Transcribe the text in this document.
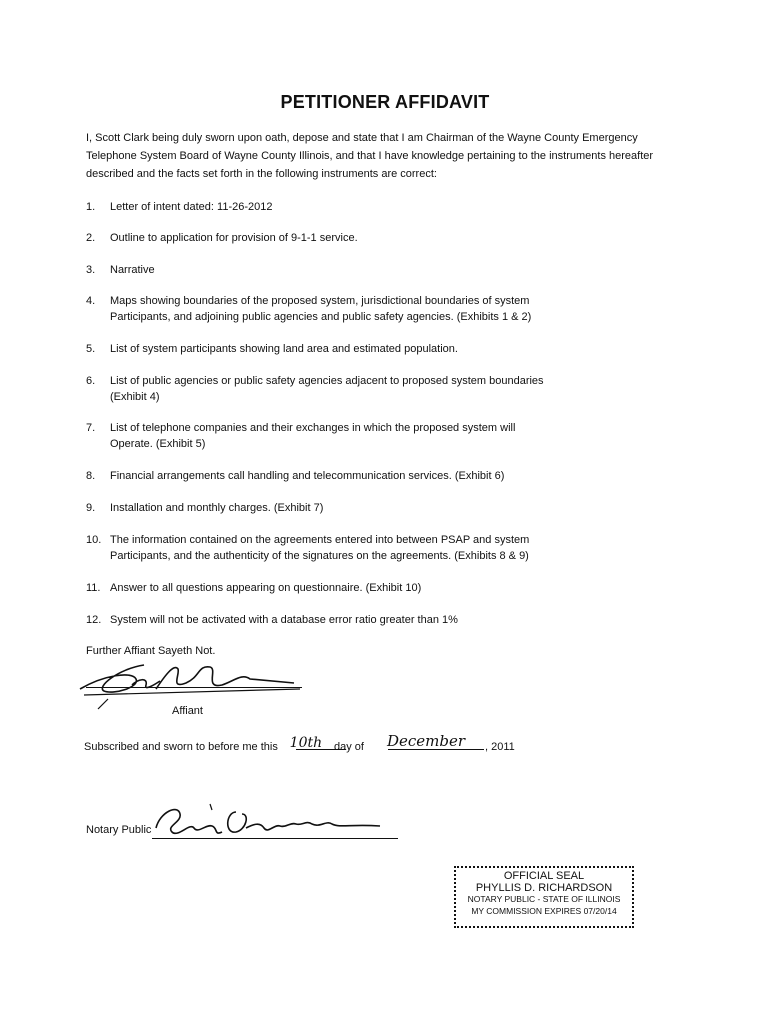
PETITIONER AFFIDAVIT
I, Scott Clark being duly sworn upon oath, depose and state that I am Chairman of the Wayne County Emergency Telephone System Board of Wayne County Illinois, and that I have knowledge pertaining to the instruments hereafter described and the facts set forth in the following instruments are correct:
1.	Letter of intent dated: 11-26-2012
2.	Outline to application for provision of 9-1-1 service.
3.	Narrative
4.	Maps showing boundaries of the proposed system, jurisdictional boundaries of system
Participants, and adjoining public agencies and public safety agencies. (Exhibits 1 & 2)
5.	List of system participants showing land area and estimated population.
6.	List of public agencies or public safety agencies adjacent to proposed system boundaries
(Exhibit 4)
7.	List of telephone companies and their exchanges in which the proposed system will
Operate. (Exhibit 5)
8.	Financial arrangements call handling and telecommunication services. (Exhibit 6)
9.	Installation and monthly charges. (Exhibit 7)
10. The information contained on the agreements entered into between PSAP and system
Participants, and the authenticity of the signatures on the agreements. (Exhibits 8 & 9)
11. Answer to all questions appearing on questionnaire. (Exhibit 10)
12. System will not be activated with a database error ratio greater than 1%
Further Affiant Sayeth Not.
Affiant
Subscribed and sworn to before me this 10th day of December , 2011
Notary Public
OFFICIAL SEAL
PHYLLIS D. RICHARDSON
NOTARY PUBLIC - STATE OF ILLINOIS
MY COMMISSION EXPIRES 07/20/14
